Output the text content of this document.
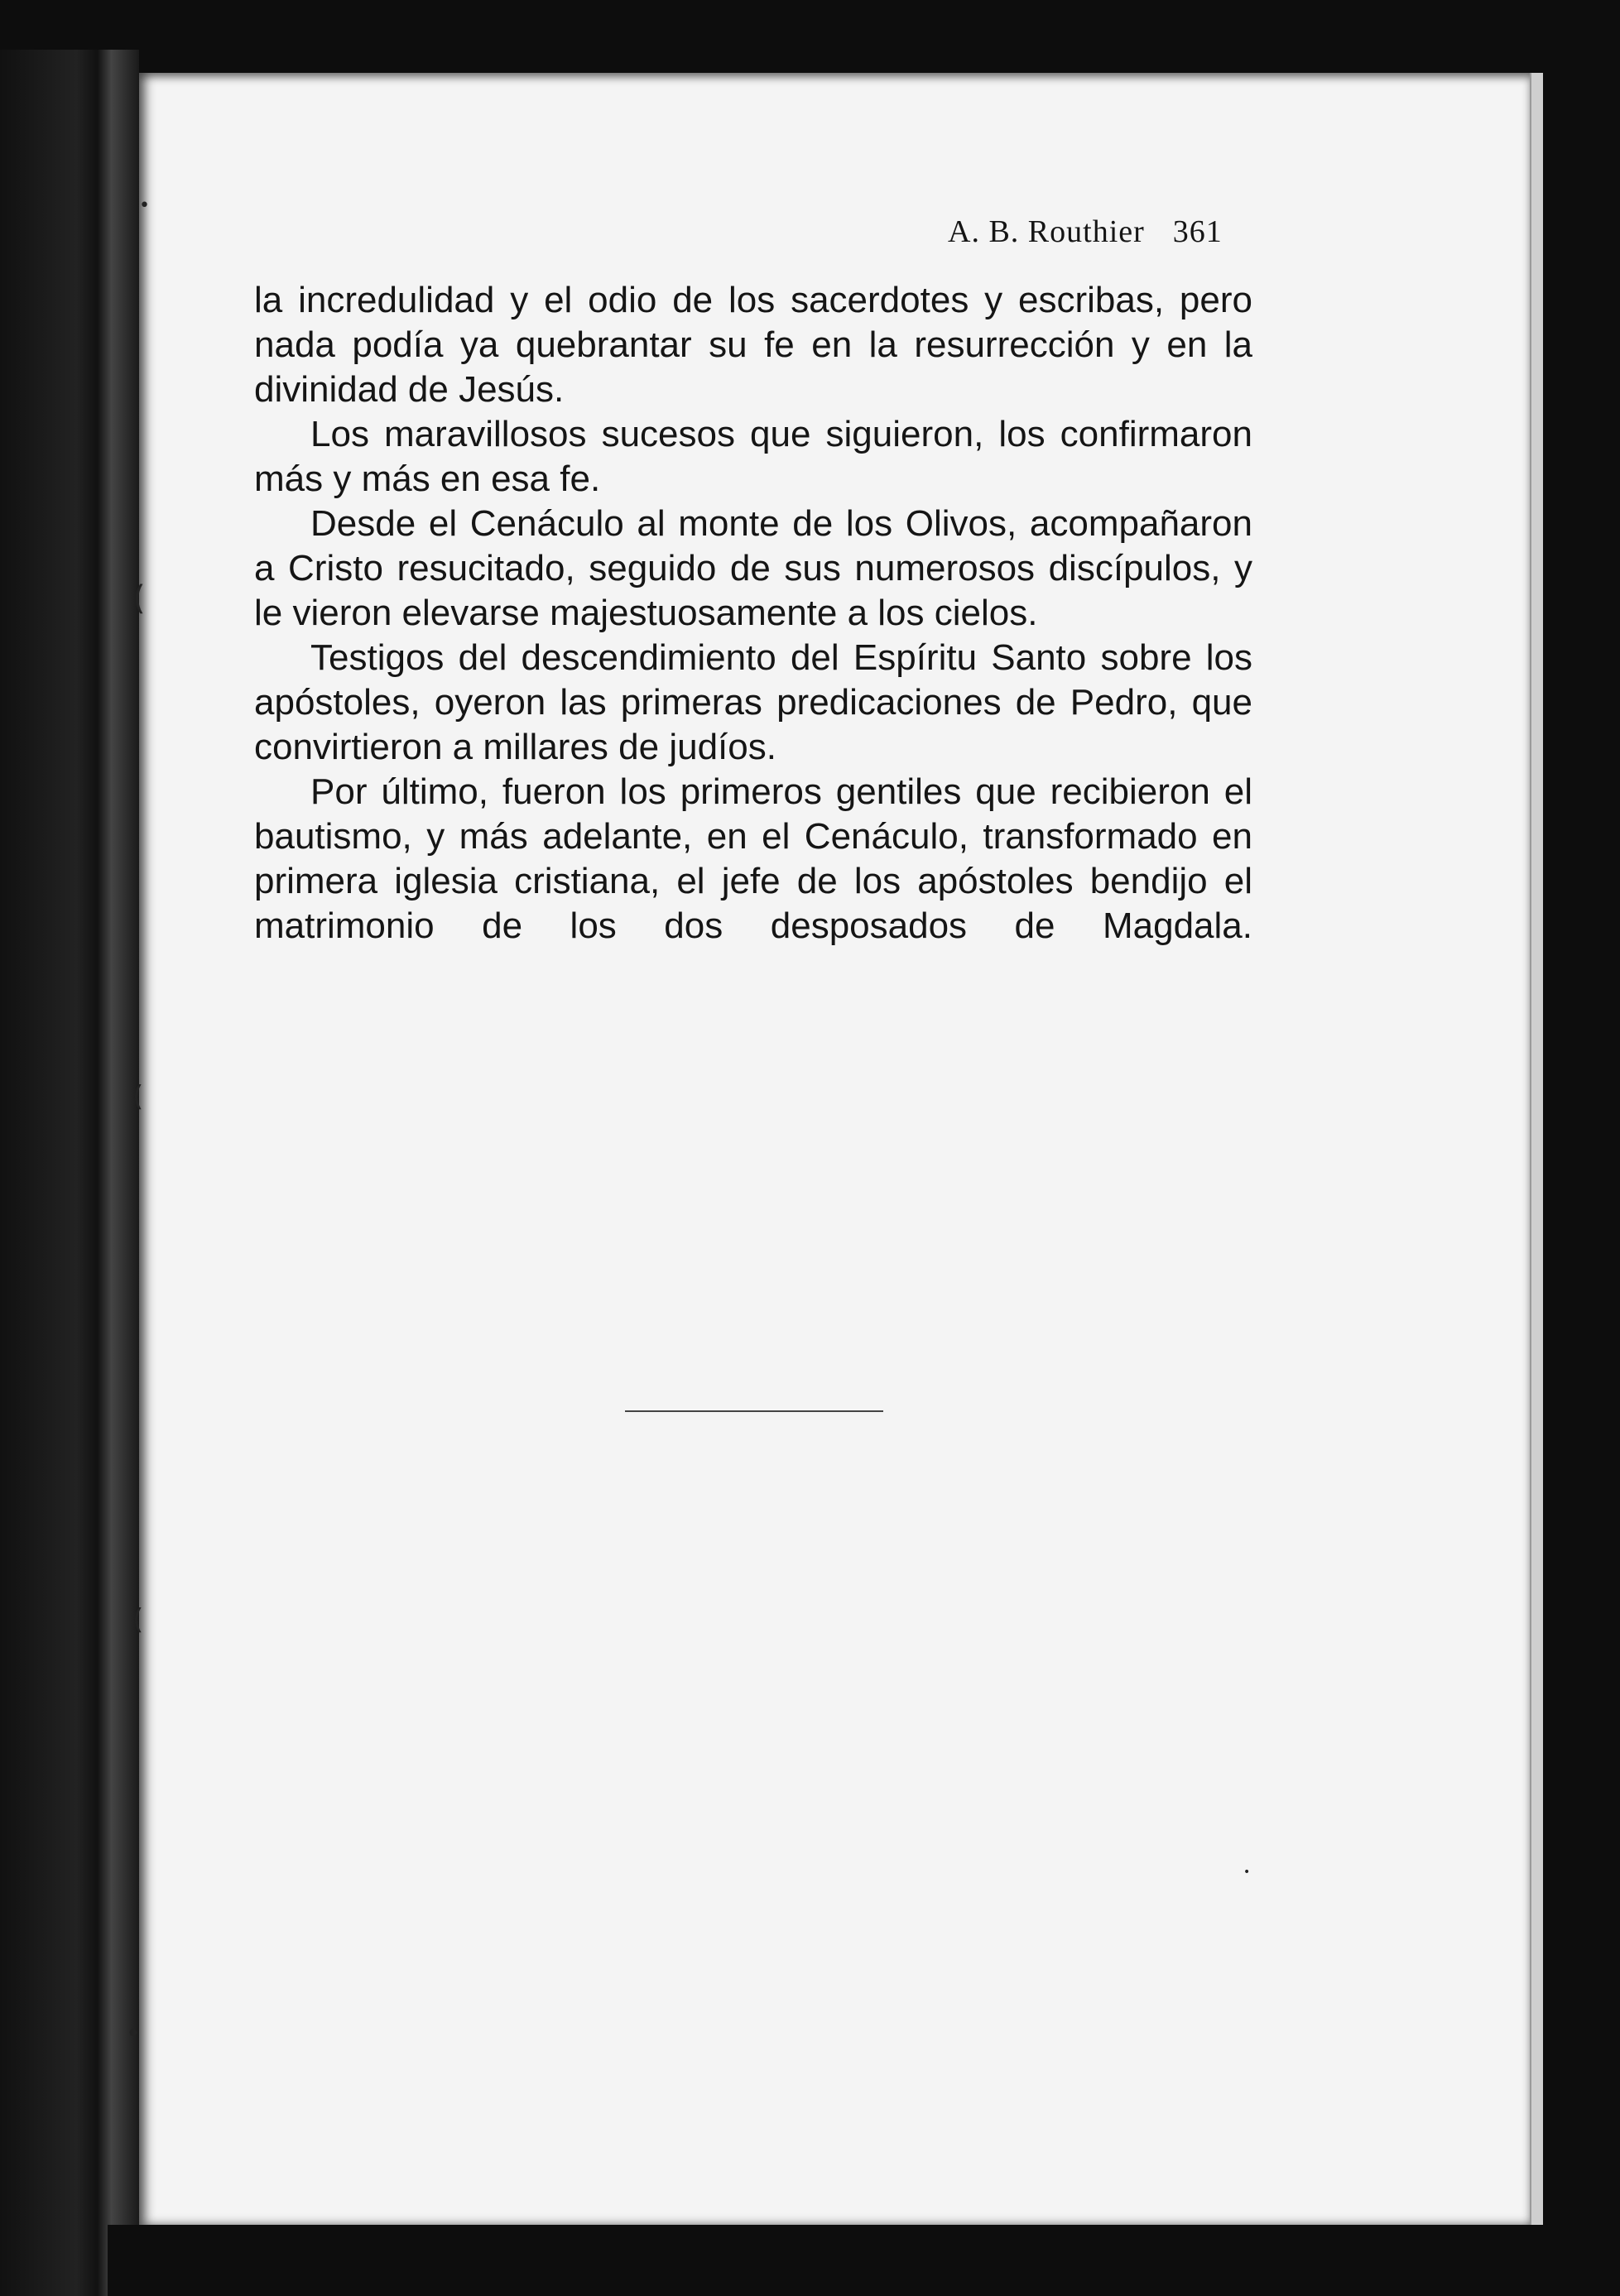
•
(
(
(
•
•
A. B. Routhier 361

la incredulidad y el odio de los sacerdotes y escribas, pero nada podía ya quebrantar su fe en la resurrección y en la divinidad de Jesús.

Los maravillosos sucesos que siguieron, los confirmaron más y más en esa fe.

Desde el Cenáculo al monte de los Olivos, acompañaron a Cristo resucitado, seguido de sus numerosos discípulos, y le vieron elevarse majestuosamente a los cielos.

Testigos del descendimiento del Espíritu Santo sobre los apóstoles, oyeron las primeras predicaciones de Pedro, que convirtieron a millares de judíos.

Por último, fueron los primeros gentiles que recibieron el bautismo, y más adelante, en el Cenáculo, transformado en primera iglesia cristiana, el jefe de los apóstoles bendijo el matrimonio de los dos desposados de Magdala.
